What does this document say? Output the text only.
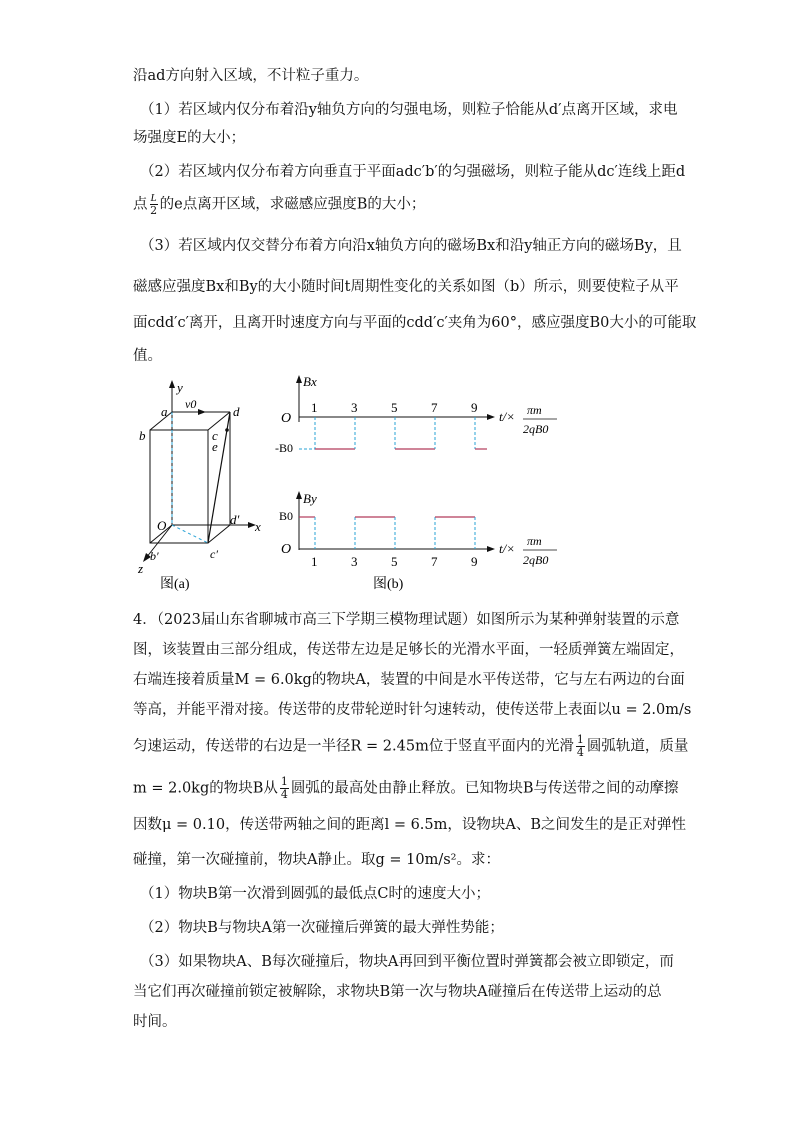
沿ad方向射入区域，不计粒子重力。
（1）若区域内仅分布着沿y轴负方向的匀强电场，则粒子恰能从d′点离开区域，求电
场强度E的大小；
（2）若区域内仅分布着方向垂直于平面adc′b′的匀强磁场，则粒子能从dc′连线上距d
点 $\frac{L}{2}$ 的e点离开区域，求磁感应强度B的大小；
（3）若区域内仅交替分布着方向沿x轴负方向的磁场Bx和沿y轴正方向的磁场By，且
磁感应强度Bx和By的大小随时间t周期性变化的关系如图（b）所示，则要使粒子从平
面cdd′c′离开，且离开时速度方向与平面的cdd′c′夹角为60°，感应强度B0大小的可能取
值。
y
x
z
a v0	d
b	c
e
O	d′
b′	c′
图(a)
Bx
O
-B0
1	3	5	7	9
t/× πm
2qB0
By
O
B0
1	3	5	7	9
t/× πm
2qB0
图(b)
4．（2023届山东省聊城市高三下学期三模物理试题）如图所示为某种弹射装置的示意
图，该装置由三部分组成，传送带左边是足够长的光滑水平面，一轻质弹簧左端固定，
右端连接着质量M = 6.0kg的物块A，装置的中间是水平传送带，它与左右两边的台面
等高，并能平滑对接。传送带的皮带轮逆时针匀速转动，使传送带上表面以u = 2.0m/s
匀速运动，传送带的右边是一半径R = 2.45m位于竖直平面内的光滑 $\frac{1}{4}$ 圆弧轨道，质量
m = 2.0kg的物块B从 $\frac{1}{4}$ 圆弧的最高处由静止释放。已知物块B与传送带之间的动摩擦
因数μ = 0.10，传送带两轴之间的距离l = 6.5m，设物块A、B之间发生的是正对弹性
碰撞，第一次碰撞前，物块A静止。取g = 10m/s²。求：
（1）物块B第一次滑到圆弧的最低点C时的速度大小；
（2）物块B与物块A第一次碰撞后弹簧的最大弹性势能；
（3）如果物块A、B每次碰撞后，物块A再回到平衡位置时弹簧都会被立即锁定，而
当它们再次碰撞前锁定被解除，求物块B第一次与物块A碰撞后在传送带上运动的总
时间。
